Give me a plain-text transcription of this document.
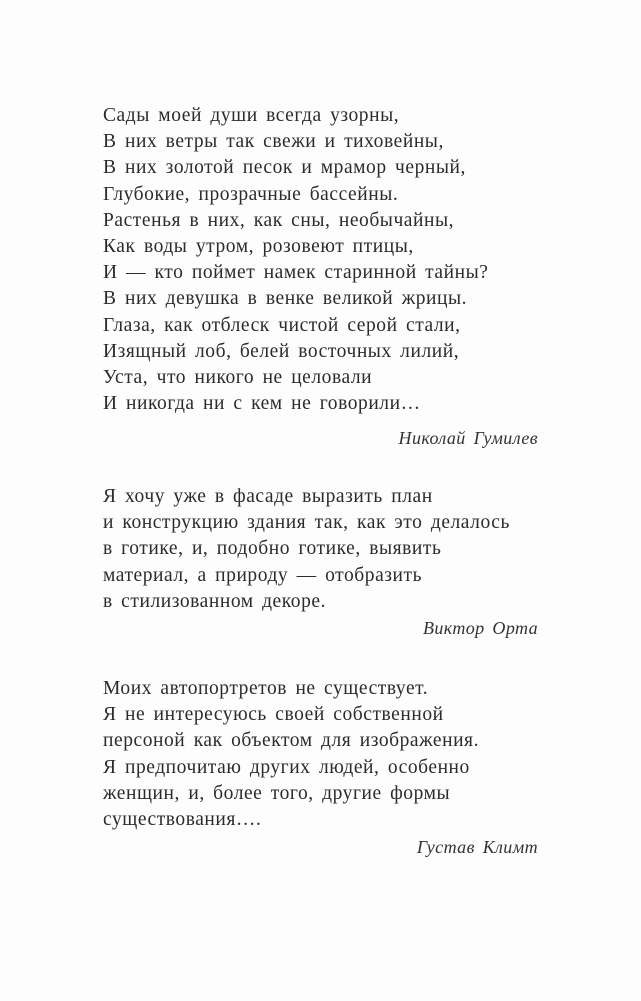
Сады моей души всегда узорны,
В них ветры так свежи и тиховейны,
В них золотой песок и мрамор черный,
Глубокие, прозрачные бассейны.
Растенья в них, как сны, необычайны,
Как воды утром, розовеют птицы,
И — кто поймет намек старинной тайны?
В них девушка в венке великой жрицы.
Глаза, как отблеск чистой серой стали,
Изящный лоб, белей восточных лилий,
Уста, что никого не целовали
И никогда ни с кем не говорили…
Николай Гумилев
Я хочу уже в фасаде выразить план
и конструкцию здания так, как это делалось
в готике, и, подобно готике, выявить
материал, а природу — отобразить
в стилизованном декоре.
Виктор Орта
Моих автопортретов не существует.
Я не интересуюсь своей собственной
персоной как объектом для изображения.
Я предпочитаю других людей, особенно
женщин, и, более того, другие формы
существования….
Густав Климт
